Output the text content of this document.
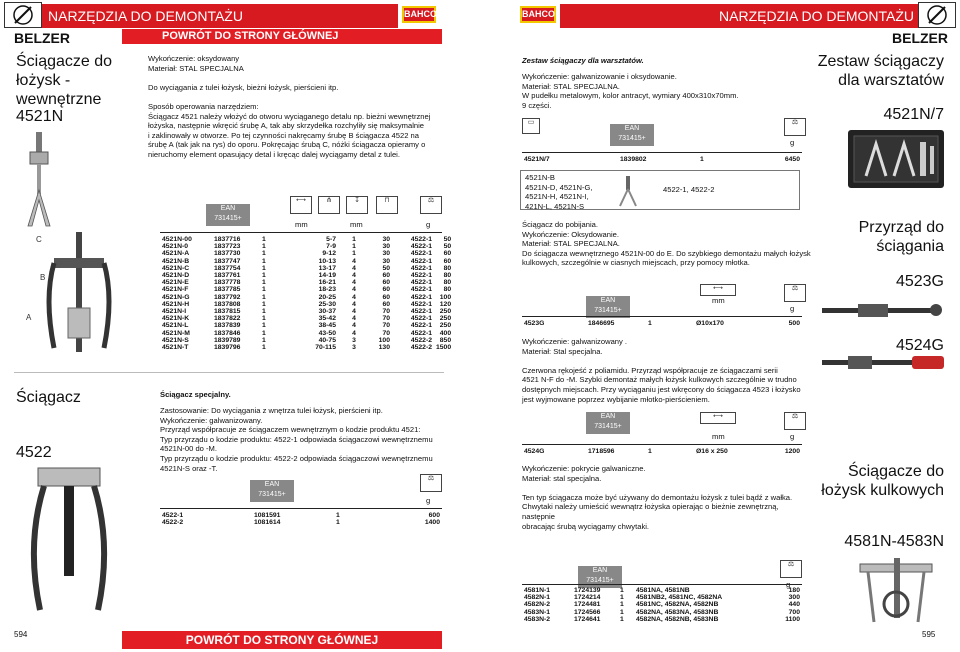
NARZĘDZIA DO DEMONTAŻU	BAHCO
BELZER	POWRÓT DO STRONY GŁÓWNEJ
Ściągacze do łożysk - wewnętrzne
4521N
Wykończenie: oksydowany
Materiał: STAL SPECJALNA

Do wyciągania z tulei łożysk, bieżni łożysk, pierścieni itp.

Sposób operowania narzędziem:
Ściągacz 4521 należy włożyć do otworu wyciąganego detalu np. bieżni wewnętrznej
łożyska, następnie wkręcić śrubę A, tak aby skrzydełka rozchyliły się maksymalnie
i zaklinowały w otworze. Po tej czynności nakręcamy śrubę B ściągacza 4522 na
śrubę A (tak jak na rys) do oporu. Pokręcając śrubą C, nóżki ściągacza opieramy o
nieruchomy element opasujący detal i kręcąc dalej wyciągamy detal z tulei.
C
B
A
EAN
731415+
⟷	⋔	↧	⊓	⚖
mm	mm	g
4521N-00	1837716	1	5-7	1	30	4522-1	50
4521N-0	1837723	1	7-9	1	30	4522-1	50
4521N-A	1837730	1	9-12	1	30	4522-1	60
4521N-B	1837747	1	10-13	4	30	4522-1	60
4521N-C	1837754	1	13-17	4	50	4522-1	80
4521N-D	1837761	1	14-19	4	60	4522-1	80
4521N-E	1837778	1	16-21	4	60	4522-1	80
4521N-F	1837785	1	18-23	4	60	4522-1	80
4521N-G	1837792	1	20-25	4	60	4522-1	100
4521N-H	1837808	1	25-30	4	60	4522-1	120
4521N-I	1837815	1	30-37	4	70	4522-1	250
4521N-K	1837822	1	35-42	4	70	4522-1	250
4521N-L	1837839	1	38-45	4	70	4522-1	250
4521N-M	1837846	1	43-50	4	70	4522-1	400
4521N-S	1839789	1	40-75	3	100	4522-2	850
4521N-T	1839796	1	70-115	3	130	4522-2	1500
Ściągacz
4522
Ściągacz specjalny.
Zastosowanie: Do wyciągania z wnętrza tulei łożysk, pierścieni itp.
Wykończenie: galwanizowany.
Przyrząd współpracuje ze ściągaczem wewnętrznym o kodzie produktu 4521:
Typ przyrządu o kodzie produktu: 4522-1 odpowiada ściągaczowi wewnętrznemu
4521N-00 do -M.
Typ przyrządu o kodzie produktu: 4522-2 odpowiada ściągaczowi wewnętrznemu
4521N-S oraz -T.
EAN
731415+
⚖
g
4522-1	1081591	1	600
4522-2	1081614	1	1400
594	POWRÓT DO STRONY GŁÓWNEJ
BAHCO	NARZĘDZIA DO DEMONTAŻU
BELZER
Zestaw ściągaczy dla warsztatów.
Wykończenie: galwanizowanie i oksydowanie.
Materiał: STAL SPECJALNA.
W pudełku metalowym, kolor antracyt, wymiary 400x310x70mm.
9 części.
Zestaw ściągaczy dla warsztatów
4521N/7
EAN
731415+
▭	⚖
g
4521N/7	1839802	1	6450
4521N-B
4521N-D, 4521N-G,
4521N-H, 4521N-I,
421N-L, 4521N-S
4522-1, 4522-2
Ściągacz do pobijania.
Wykończenie: Oksydowanie.
Materiał: STAL SPECJALNA.
Do ściągacza wewnętrznego 4521N-00 do E. Do szybkiego demontażu małych łożysk
kulkowych, szczególnie w ciasnych miejscach, przy pomocy młotka.
Przyrząd do ściągania
4523G
EAN
731415+
⟷
mm
⚖
g
4523G	1846695	1	Ø10x170	500
4524G
Wykończenie: galwanizowany .
Materiał: Stal specjalna.

Czerwona rękojeść z poliamidu. Przyrząd współpracuje ze ściągaczami serii
4521 N-F do -M. Szybki demontaż małych łożysk kulkowych szczególnie w trudno
dostępnych miejscach. Przy wyciąganiu jest wkręcony do ściągacza 4523 i łożysko
jest wyjmowane poprzez wybijanie młotko-pierścieniem.
EAN
731415+
⟷
mm
⚖
g
4524G	1718596	1	Ø16 x 250	1200
Wykończenie: pokrycie galwaniczne.
Materiał: stal specjalna.

Ten typ ściągacza może być używany do demontażu łożysk z tulei bądź z wałka.
Chwytaki należy umieścić wewnątrz łożyska opierając o bieżnie zewnętrzną, następnie
obracając śrubą wyciągamy chwytaki.
Ściągacze do łożysk kulkowych
4581N-4583N
EAN
731415+
⚖
4581N-1	1724139	1	4581NA, 4581NB	180
4582N-1	1724214	1	4581NB2, 4581NC, 4582NA	300
4582N-2	1724481	1	4581NC, 4582NA, 4582NB	440
4583N-1	1724566	1	4582NA, 4583NA, 4583NB	700
4583N-2	1724641	1	4582NA, 4582NB, 4583NB	1100
595
